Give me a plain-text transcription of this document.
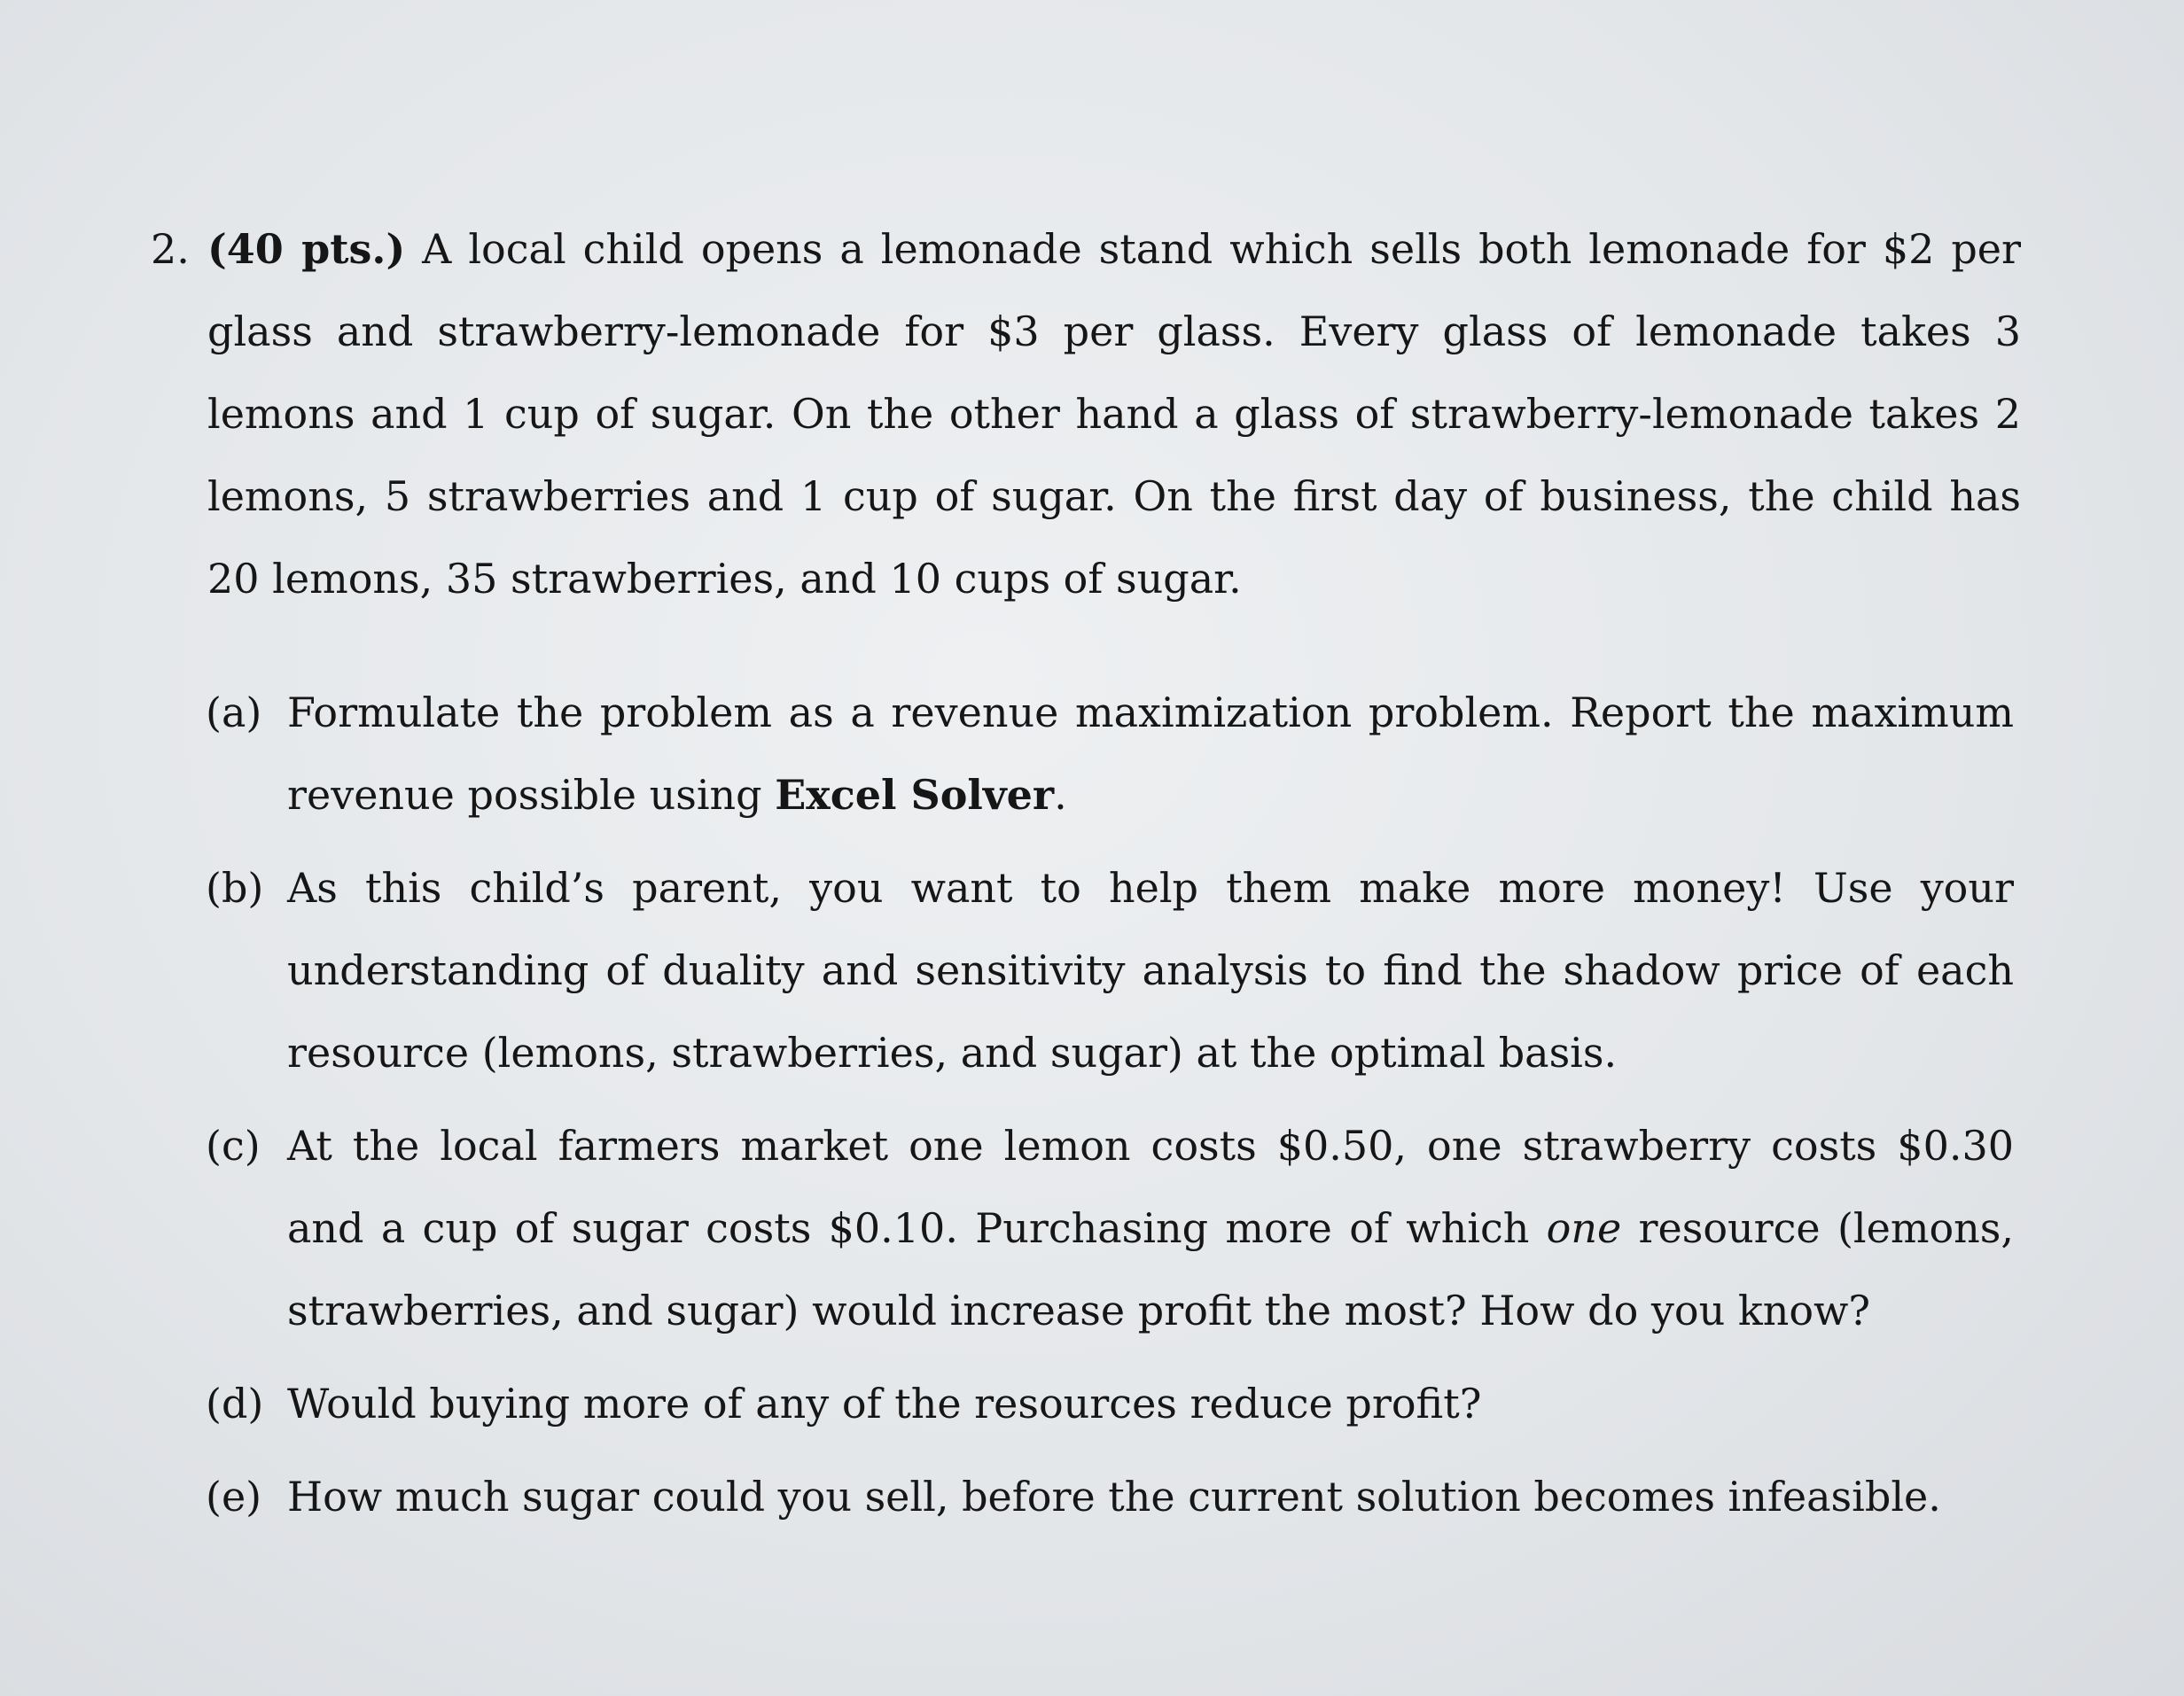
2. (40 pts.) A local child opens a lemonade stand which sells both lemonade for $2 per glass and strawberry-lemonade for $3 per glass. Every glass of lemonade takes 3 lemons and 1 cup of sugar. On the other hand a glass of strawberry-lemonade takes 2 lemons, 5 strawberries and 1 cup of sugar. On the first day of business, the child has 20 lemons, 35 strawberries, and 10 cups of sugar.
(a) Formulate the problem as a revenue maximization problem. Report the maximum revenue possible using Excel Solver.
(b) As this child’s parent, you want to help them make more money! Use your understanding of duality and sensitivity analysis to find the shadow price of each resource (lemons, strawberries, and sugar) at the optimal basis.
(c) At the local farmers market one lemon costs $0.50, one strawberry costs $0.30 and a cup of sugar costs $0.10. Purchasing more of which one resource (lemons, strawberries, and sugar) would increase profit the most? How do you know?
(d) Would buying more of any of the resources reduce profit?
(e) How much sugar could you sell, before the current solution becomes infeasible.
